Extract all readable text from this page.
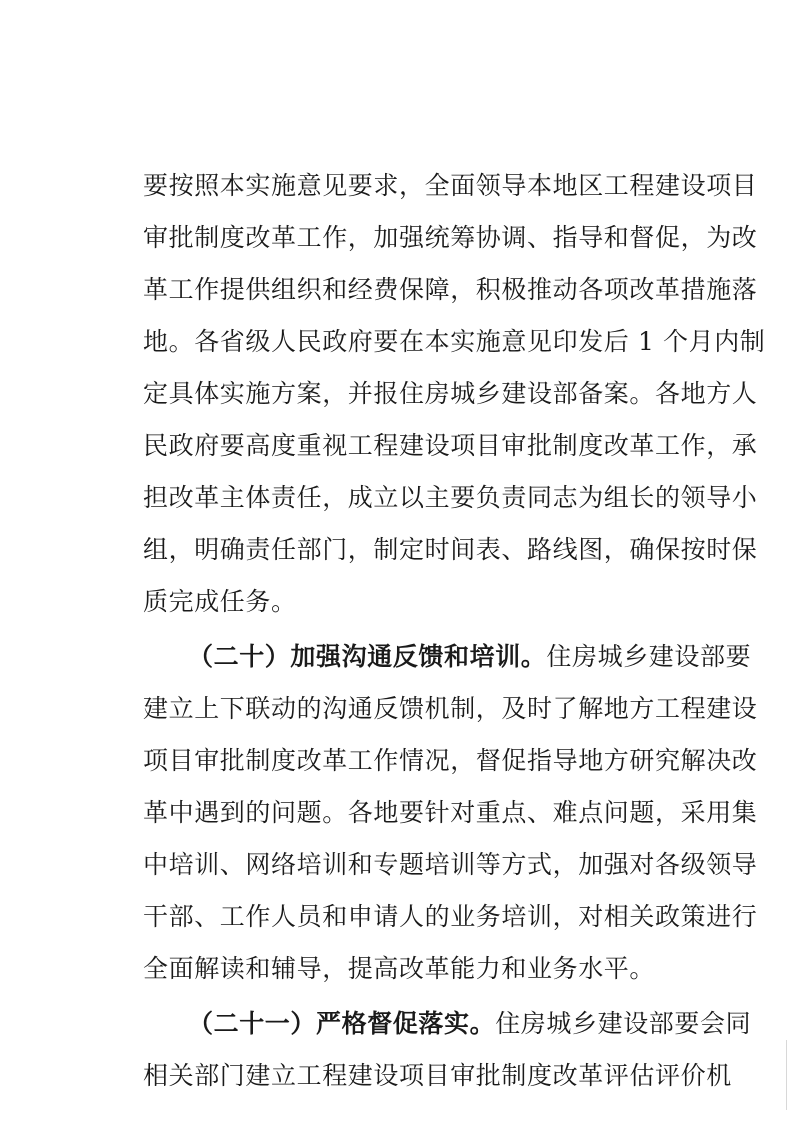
要按照本实施意见要求，全面领导本地区工程建设项目
审批制度改革工作，加强统筹协调、指导和督促，为改
革工作提供组织和经费保障，积极推动各项改革措施落
地。各省级人民政府要在本实施意见印发后 1 个月内制
定具体实施方案，并报住房城乡建设部备案。各地方人
民政府要高度重视工程建设项目审批制度改革工作，承
担改革主体责任，成立以主要负责同志为组长的领导小
组，明确责任部门，制定时间表、路线图，确保按时保
质完成任务。
（二十）加强沟通反馈和培训。住房城乡建设部要
建立上下联动的沟通反馈机制，及时了解地方工程建设
项目审批制度改革工作情况，督促指导地方研究解决改
革中遇到的问题。各地要针对重点、难点问题，采用集
中培训、网络培训和专题培训等方式，加强对各级领导
干部、工作人员和申请人的业务培训，对相关政策进行
全面解读和辅导，提高改革能力和业务水平。
（二十一）严格督促落实。住房城乡建设部要会同
相关部门建立工程建设项目审批制度改革评估评价机
